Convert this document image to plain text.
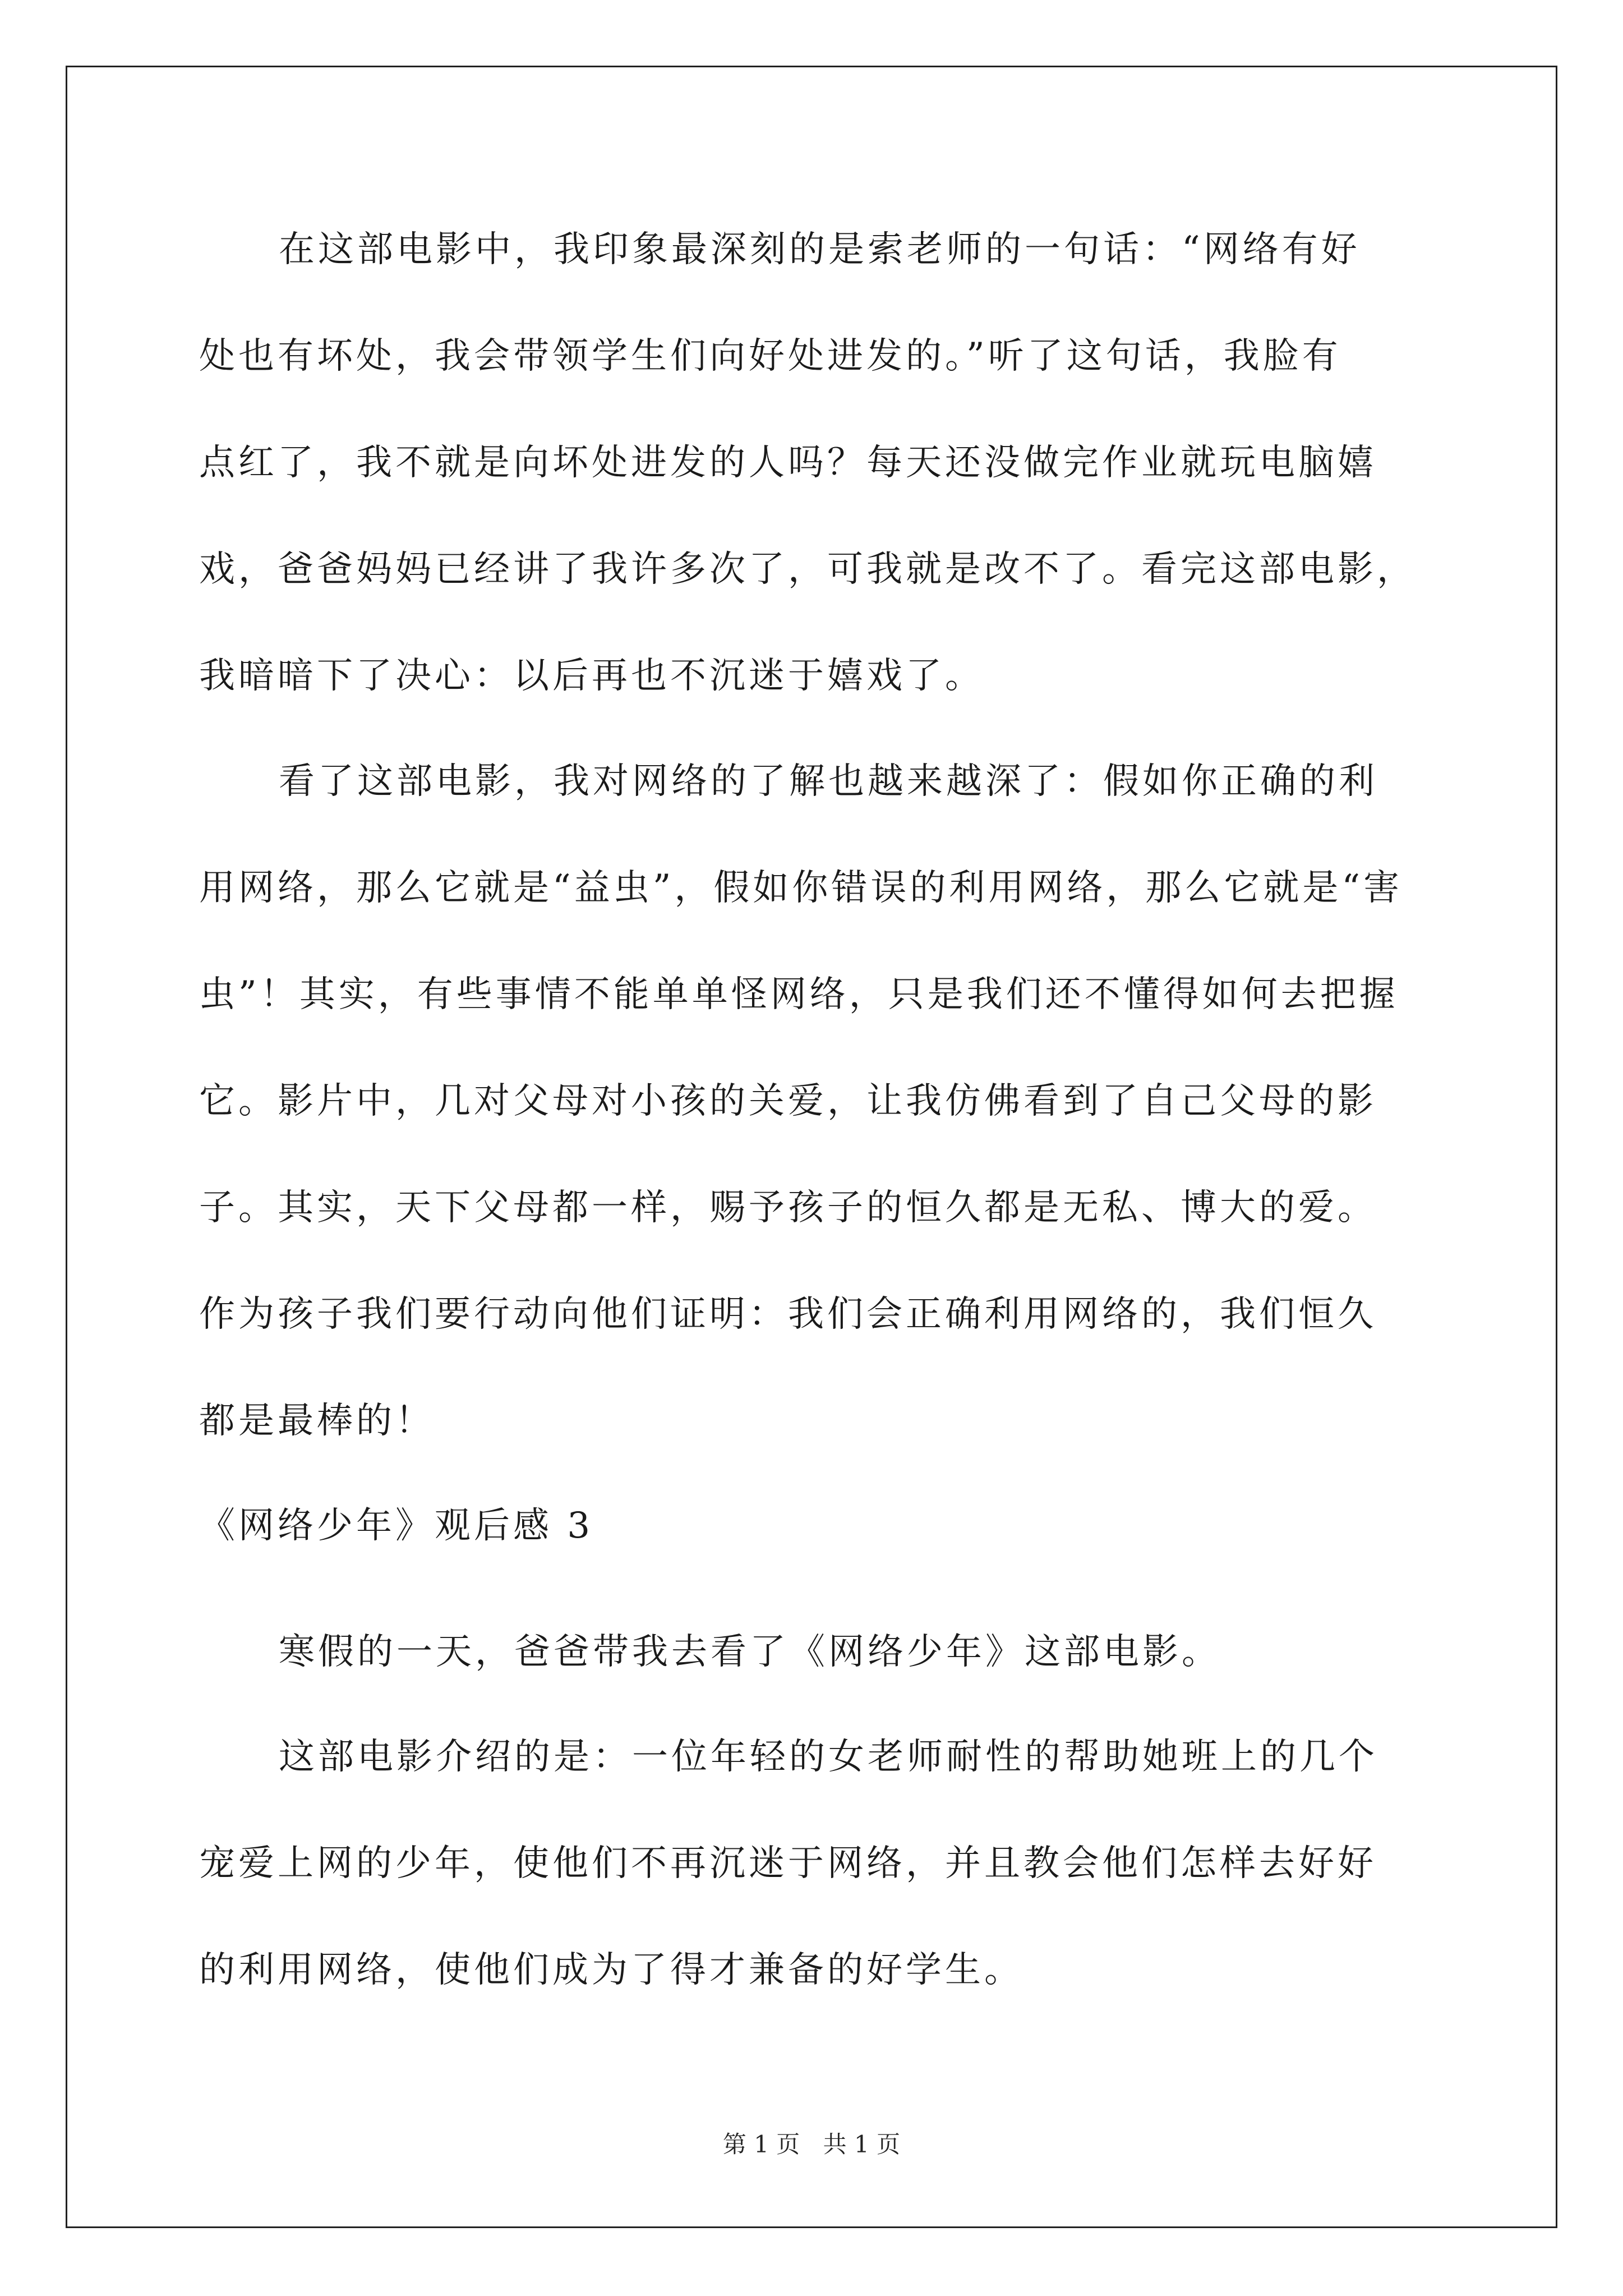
在这部电影中，我印象最深刻的是索老师的一句话：“网络有好
处也有坏处，我会带领学生们向好处进发的。”听了这句话，我脸有
点红了，我不就是向坏处进发的人吗？每天还没做完作业就玩电脑嬉
戏，爸爸妈妈已经讲了我许多次了，可我就是改不了。看完这部电影，
我暗暗下了决心：以后再也不沉迷于嬉戏了。
看了这部电影，我对网络的了解也越来越深了：假如你正确的利
用网络，那么它就是“益虫”，假如你错误的利用网络，那么它就是“害
虫”！其实，有些事情不能单单怪网络，只是我们还不懂得如何去把握
它。影片中，几对父母对小孩的关爱，让我仿佛看到了自己父母的影
子。其实，天下父母都一样，赐予孩子的恒久都是无私、博大的爱。
作为孩子我们要行动向他们证明：我们会正确利用网络的，我们恒久
都是最棒的！
《网络少年》观后感 3
寒假的一天，爸爸带我去看了《网络少年》这部电影。
这部电影介绍的是：一位年轻的女老师耐性的帮助她班上的几个
宠爱上网的少年，使他们不再沉迷于网络，并且教会他们怎样去好好
的利用网络，使他们成为了得才兼备的好学生。
第 1 页 共 1 页
